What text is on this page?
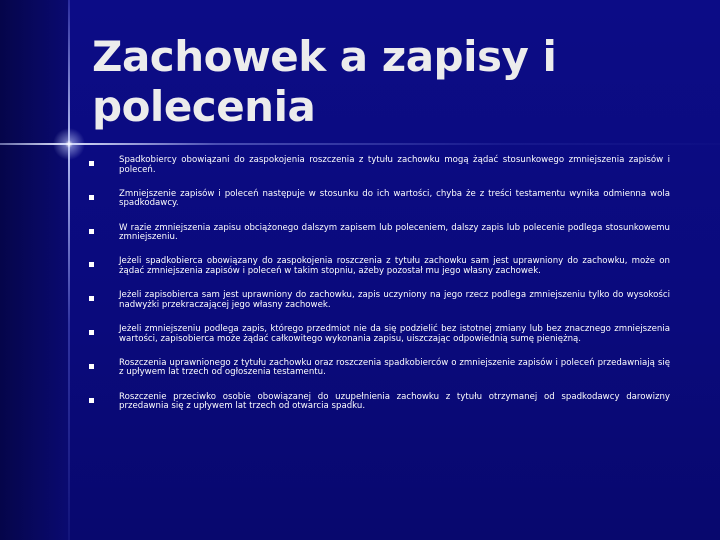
Zachowek a zapisy i
polecenia
Spadkobiercy obowiązani do zaspokojenia roszczenia z tytułu zachowku mogą żądać stosunkowego zmniejszenia zapisów i poleceń.
Zmniejszenie zapisów i poleceń następuje w stosunku do ich wartości, chyba że z treści testamentu wynika odmienna wola spadkodawcy.
W razie zmniejszenia zapisu obciążonego dalszym zapisem lub poleceniem, dalszy zapis lub polecenie podlega stosunkowemu zmniejszeniu.
Jeżeli spadkobierca obowiązany do zaspokojenia roszczenia z tytułu zachowku sam jest uprawniony do zachowku, może on żądać zmniejszenia zapisów i poleceń w takim stopniu, ażeby pozostał mu jego własny zachowek.
Jeżeli zapisobierca sam jest uprawniony do zachowku, zapis uczyniony na jego rzecz podlega zmniejszeniu tylko do wysokości nadwyżki przekraczającej jego własny zachowek.
Jeżeli zmniejszeniu podlega zapis, którego przedmiot nie da się podzielić bez istotnej zmiany lub bez znacznego zmniejszenia wartości, zapisobierca może żądać całkowitego wykonania zapisu, uiszczając odpowiednią sumę pieniężną.
Roszczenia uprawnionego z tytułu zachowku oraz roszczenia spadkobierców o zmniejszenie zapisów i poleceń przedawniają się z upływem lat trzech od ogłoszenia testamentu.
Roszczenie przeciwko osobie obowiązanej do uzupełnienia zachowku z tytułu otrzymanej od spadkodawcy darowizny przedawnia się z upływem lat trzech od otwarcia spadku.
